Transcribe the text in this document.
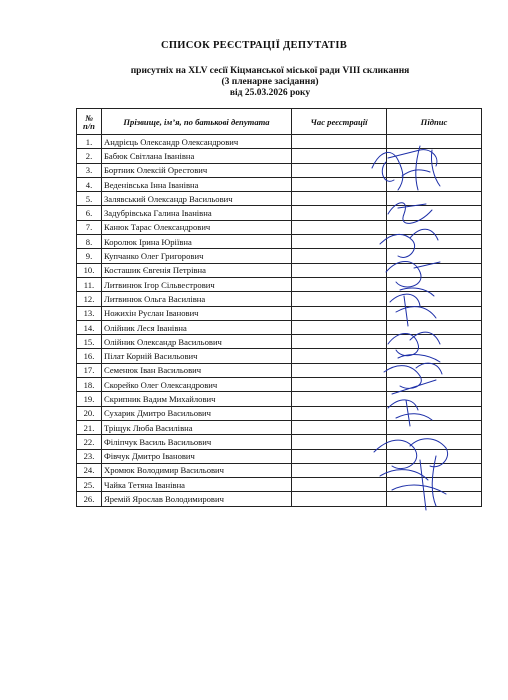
СПИСОК РЕЄСТРАЦІЇ ДЕПУТАТІВ
присутніх на XLV сесії Кіцманської міської ради VIII скликання
(3 пленарне засідання)
від 25.03.2026 року
№
п/п	Прізвище, ім’я, по батькові депутата	Час реєстрації	Підпис
1.	Андрієць Олександр Олександрович		
2.	Бабюк Світлана Іванівна		
3.	Бортник Олексій Орестович		
4.	Веденівська Інна Іванівна		
5.	Залявський Олександр Васильович		
6.	Задубрівська Галина Іванівна		
7.	Канюк Тарас Олександрович		
8.	Королюк Ірина Юріївна		
9.	Купчанко Олег Григорович		
10.	Косташик Євгенія Петрівна		
11.	Литвинюк Ігор Сільвестрович		
12.	Литвинюк Ольга Василівна		
13.	Ножихін Руслан Іванович		
14.	Олійник Леся Іванівна		
15.	Олійник Олександр Васильович		
16.	Пілат Корній Васильович		
17.	Семенюк Іван Васильович		
18.	Скорейко Олег Олександрович		
19.	Скрипник Вадим Михайлович		
20.	Сухарик Дмитро Васильович		
21.	Тріщук Люба Василівна		
22.	Філіпчук Василь Васильович		
23.	Фівчук Дмитро Іванович		
24.	Хромюк Володимир Васильович		
25.	Чайка Тетяна Іванівна		
26.	Яремій Ярослав Володимирович		
